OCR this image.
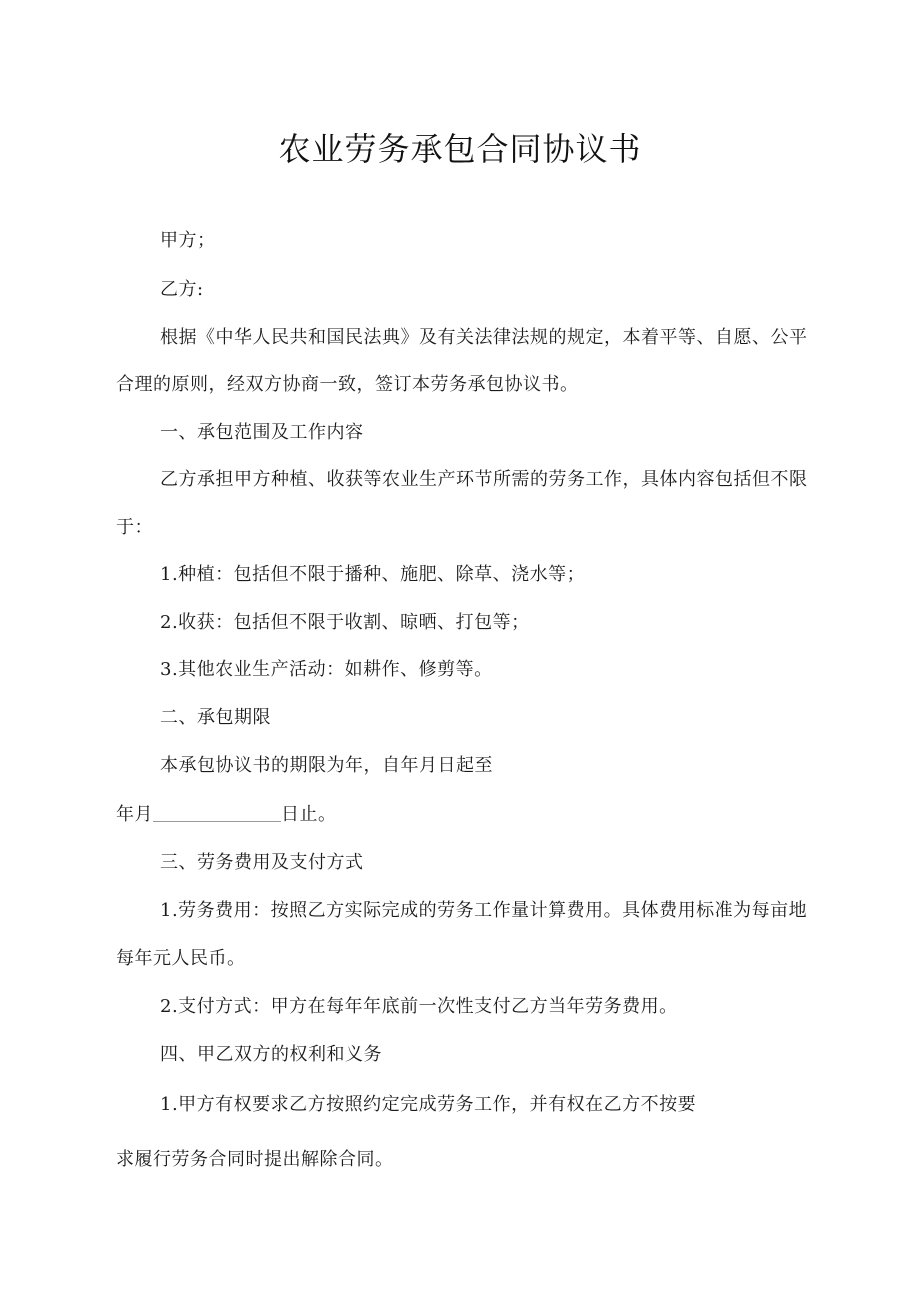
农业劳务承包合同协议书
甲方；
乙方:
根据《中华人民共和国民法典》及有关法律法规的规定，本着平等、自愿、公平
合理的原则，经双方协商一致，签订本劳务承包协议书。
一、承包范围及工作内容
乙方承担甲方种植、收获等农业生产环节所需的劳务工作，具体内容包括但不限
于：
1.种植：包括但不限于播种、施肥、除草、浇水等；
2.收获：包括但不限于收割、晾晒、打包等；
3.其他农业生产活动：如耕作、修剪等。
二、承包期限
本承包协议书的期限为年，自年月日起至
年月	日止。
三、劳务费用及支付方式
1.劳务费用：按照乙方实际完成的劳务工作量计算费用。具体费用标准为每亩地
每年元人民币。
2.支付方式：甲方在每年年底前一次性支付乙方当年劳务费用。
四、甲乙双方的权利和义务
1.甲方有权要求乙方按照约定完成劳务工作，并有权在乙方不按要
求履行劳务合同时提出解除合同。
